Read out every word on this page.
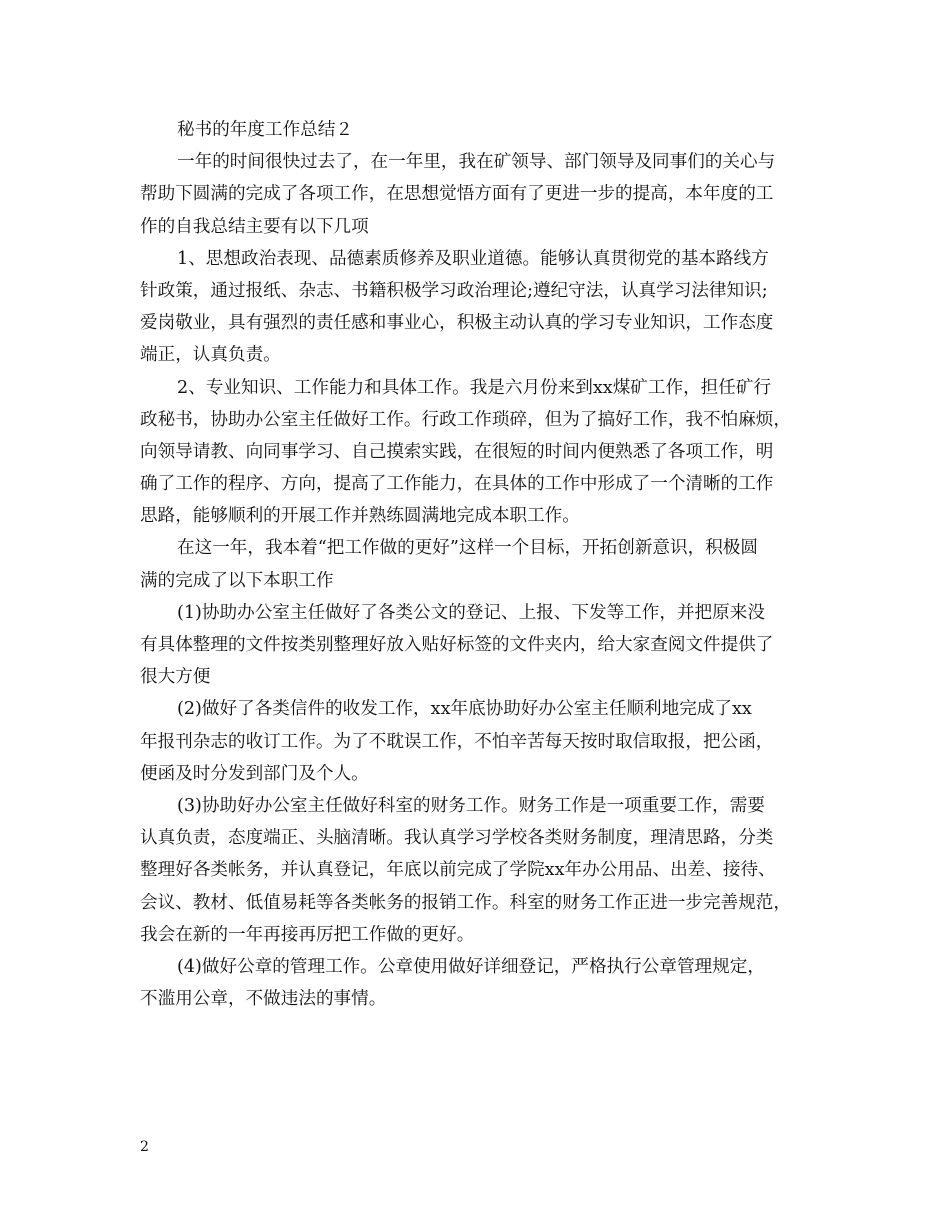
秘书的年度工作总结２
一年的时间很快过去了，在一年里，我在矿领导、部门领导及同事们的关心与
帮助下圆满的完成了各项工作，在思想觉悟方面有了更进一步的提高，本年度的工
作的自我总结主要有以下几项
1、思想政治表现、品德素质修养及职业道德。能够认真贯彻党的基本路线方
针政策，通过报纸、杂志、书籍积极学习政治理论;遵纪守法，认真学习法律知识;
爱岗敬业，具有强烈的责任感和事业心，积极主动认真的学习专业知识，工作态度
端正，认真负责。
2、专业知识、工作能力和具体工作。我是六月份来到xx煤矿工作，担任矿行
政秘书，协助办公室主任做好工作。行政工作琐碎，但为了搞好工作，我不怕麻烦，
向领导请教、向同事学习、自己摸索实践，在很短的时间内便熟悉了各项工作，明
确了工作的程序、方向，提高了工作能力，在具体的工作中形成了一个清晰的工作
思路，能够顺利的开展工作并熟练圆满地完成本职工作。
在这一年，我本着“把工作做的更好”这样一个目标，开拓创新意识，积极圆
满的完成了以下本职工作
(1)协助办公室主任做好了各类公文的登记、上报、下发等工作，并把原来没
有具体整理的文件按类别整理好放入贴好标签的文件夹内，给大家查阅文件提供了
很大方便
(2)做好了各类信件的收发工作，xx年底协助好办公室主任顺利地完成了xx
年报刊杂志的收订工作。为了不耽误工作，不怕辛苦每天按时取信取报，把公函，
便函及时分发到部门及个人。
(3)协助好办公室主任做好科室的财务工作。财务工作是一项重要工作，需要
认真负责，态度端正、头脑清晰。我认真学习学校各类财务制度，理清思路，分类
整理好各类帐务，并认真登记，年底以前完成了学院xx年办公用品、出差、接待、
会议、教材、低值易耗等各类帐务的报销工作。科室的财务工作正进一步完善规范，
我会在新的一年再接再厉把工作做的更好。
(4)做好公章的管理工作。公章使用做好详细登记，严格执行公章管理规定，
不滥用公章，不做违法的事情。
2
